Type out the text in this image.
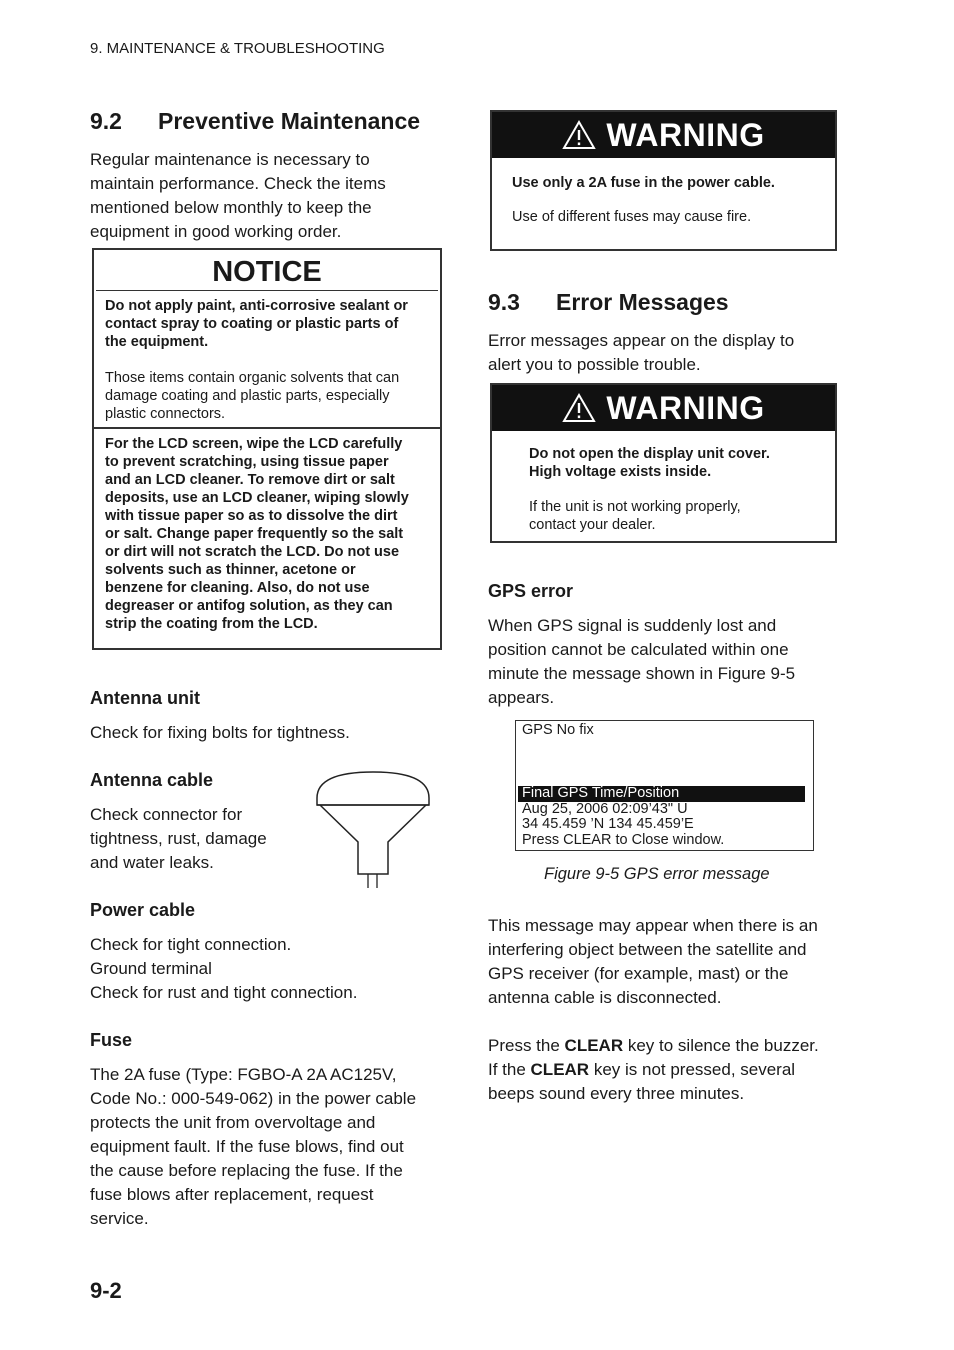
9. MAINTENANCE & TROUBLESHOOTING
9.2 Preventive Maintenance
Regular maintenance is necessary to
maintain performance. Check the items
mentioned below monthly to keep the
equipment in good working order.
NOTICE
Do not apply paint, anti-corrosive sealant or
contact spray to coating or plastic parts of
the equipment.
Those items contain organic solvents that can
damage coating and plastic parts, especially
plastic connectors.
For the LCD screen, wipe the LCD carefully
to prevent scratching, using tissue paper
and an LCD cleaner. To remove dirt or salt
deposits, use an LCD cleaner, wiping slowly
with tissue paper so as to dissolve the dirt
or salt. Change paper frequently so the salt
or dirt will not scratch the LCD. Do not use
solvents such as thinner, acetone or
benzene for cleaning. Also, do not use
degreaser or antifog solution, as they can
strip the coating from the LCD.
Antenna unit
Check for fixing bolts for tightness.
Antenna cable
Check connector for
tightness, rust, damage
and water leaks.
Power cable
Check for tight connection.
Ground terminal
Check for rust and tight connection.
Fuse
The 2A fuse (Type: FGBO-A 2A AC125V,
Code No.: 000-549-062) in the power cable
protects the unit from overvoltage and
equipment fault. If the fuse blows, find out
the cause before replacing the fuse. If the
fuse blows after replacement, request
service.
9-2
WARNING
Use only a 2A fuse in the power cable.
Use of different fuses may cause fire.
9.3 Error Messages
Error messages appear on the display to
alert you to possible trouble.
WARNING
Do not open the display unit cover.
High voltage exists inside.
If the unit is not working properly,
contact your dealer.
GPS error
When GPS signal is suddenly lost and
position cannot be calculated within one
minute the message shown in Figure 9-5
appears.
GPS No fix
Final GPS Time/Position
Aug 25, 2006 02:09’43" U
34 45.459 ’N 134 45.459’E
Press CLEAR to Close window.
Figure 9-5 GPS error message
This message may appear when there is an
interfering object between the satellite and
GPS receiver (for example, mast) or the
antenna cable is disconnected.
Press the CLEAR key to silence the buzzer.
If the CLEAR key is not pressed, several
beeps sound every three minutes.
